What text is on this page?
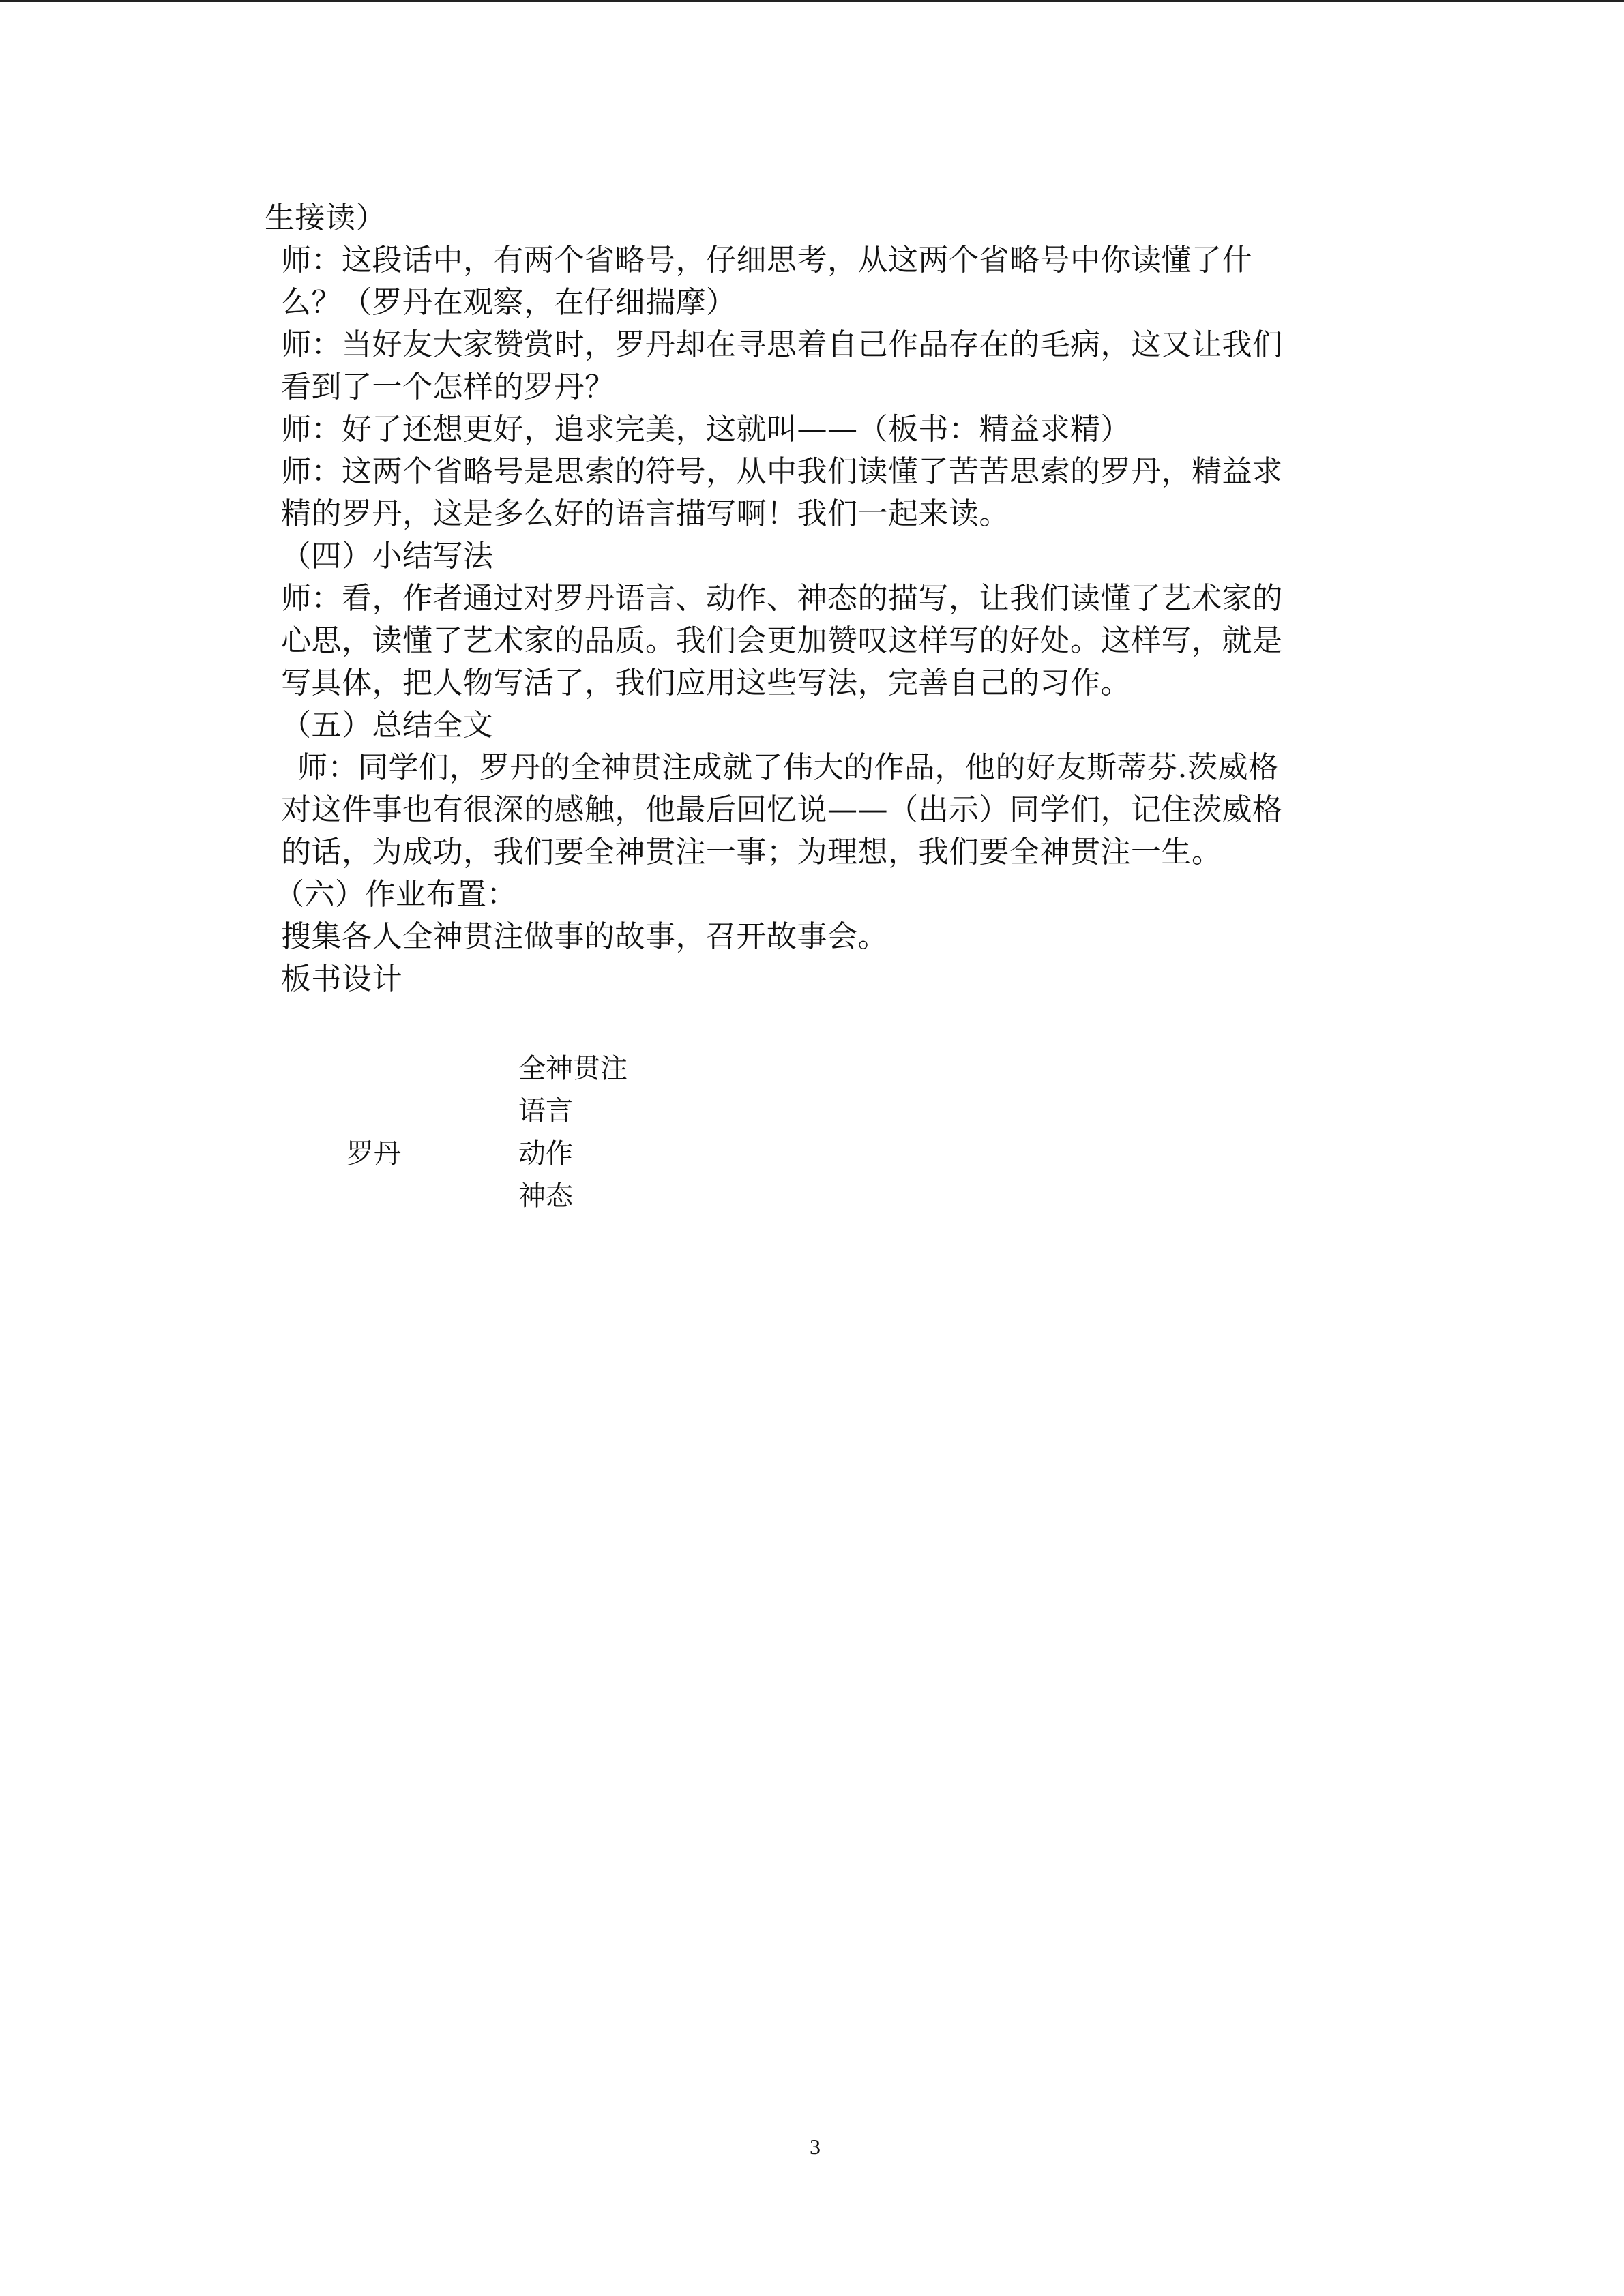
生接读）
师：这段话中，有两个省略号，仔细思考，从这两个省略号中你读懂了什
么？（罗丹在观察，在仔细揣摩）
师：当好友大家赞赏时，罗丹却在寻思着自己作品存在的毛病，这又让我们
看到了一个怎样的罗丹？
师：好了还想更好，追求完美，这就叫——（板书：精益求精）
师：这两个省略号是思索的符号，从中我们读懂了苦苦思索的罗丹，精益求
精的罗丹，这是多么好的语言描写啊！我们一起来读。
（四）小结写法
师：看，作者通过对罗丹语言、动作、神态的描写，让我们读懂了艺术家的
心思，读懂了艺术家的品质。我们会更加赞叹这样写的好处。这样写，就是
写具体，把人物写活了，我们应用这些写法，完善自己的习作。
（五）总结全文
师：同学们，罗丹的全神贯注成就了伟大的作品，他的好友斯蒂芬.茨威格
对这件事也有很深的感触，他最后回忆说——（出示）同学们，记住茨威格
的话，为成功，我们要全神贯注一事；为理想，我们要全神贯注一生。
（六）作业布置：
搜集各人全神贯注做事的故事，召开故事会。
板书设计
罗丹
全神贯注
语言
动作
神态
3
